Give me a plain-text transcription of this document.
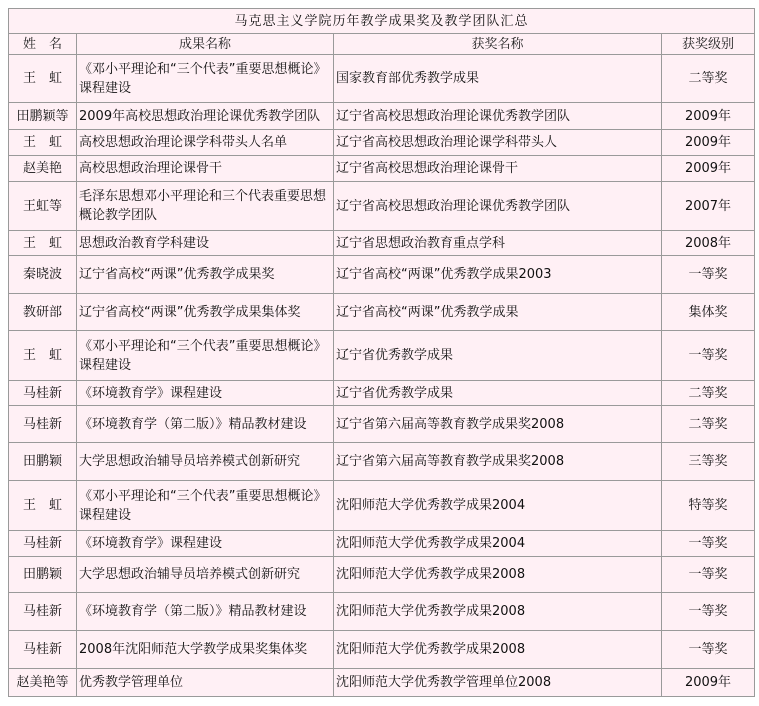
马克思主义学院历年教学成果奖及教学团队汇总			
姓　名	成果名称	获奖名称	获奖级别
王　虹	《邓小平理论和“三个代表”重要思想概论》课程建设	国家教育部优秀教学成果	二等奖
田鹏颖等	2009年高校思想政治理论课优秀教学团队	辽宁省高校思想政治理论课优秀教学团队	2009年
王　虹	高校思想政治理论课学科带头人名单	辽宁省高校思想政治理论课学科带头人	2009年
赵美艳	高校思想政治理论课骨干	辽宁省高校思想政治理论课骨干	2009年
王虹等	毛泽东思想邓小平理论和三个代表重要思想概论教学团队	辽宁省高校思想政治理论课优秀教学团队	2007年
王　虹	思想政治教育学科建设	辽宁省思想政治教育重点学科	2008年
秦晓波	辽宁省高校“两课”优秀教学成果奖	辽宁省高校“两课”优秀教学成果2003	一等奖
教研部	辽宁省高校“两课”优秀教学成果集体奖	辽宁省高校“两课”优秀教学成果	集体奖
王　虹	《邓小平理论和“三个代表”重要思想概论》课程建设	辽宁省优秀教学成果	一等奖
马桂新	《环境教育学》课程建设	辽宁省优秀教学成果	二等奖
马桂新	《环境教育学（第二版）》精品教材建设	辽宁省第六届高等教育教学成果奖2008	二等奖
田鹏颖	大学思想政治辅导员培养模式创新研究	辽宁省第六届高等教育教学成果奖2008	三等奖
王　虹	《邓小平理论和“三个代表”重要思想概论》课程建设	沈阳师范大学优秀教学成果2004	特等奖
马桂新	《环境教育学》课程建设	沈阳师范大学优秀教学成果2004	一等奖
田鹏颖	大学思想政治辅导员培养模式创新研究	沈阳师范大学优秀教学成果2008	一等奖
马桂新	《环境教育学（第二版）》精品教材建设	沈阳师范大学优秀教学成果2008	一等奖
马桂新	2008年沈阳师范大学教学成果奖集体奖	沈阳师范大学优秀教学成果2008	一等奖
赵美艳等	优秀教学管理单位	沈阳师范大学优秀教学管理单位2008	2009年
